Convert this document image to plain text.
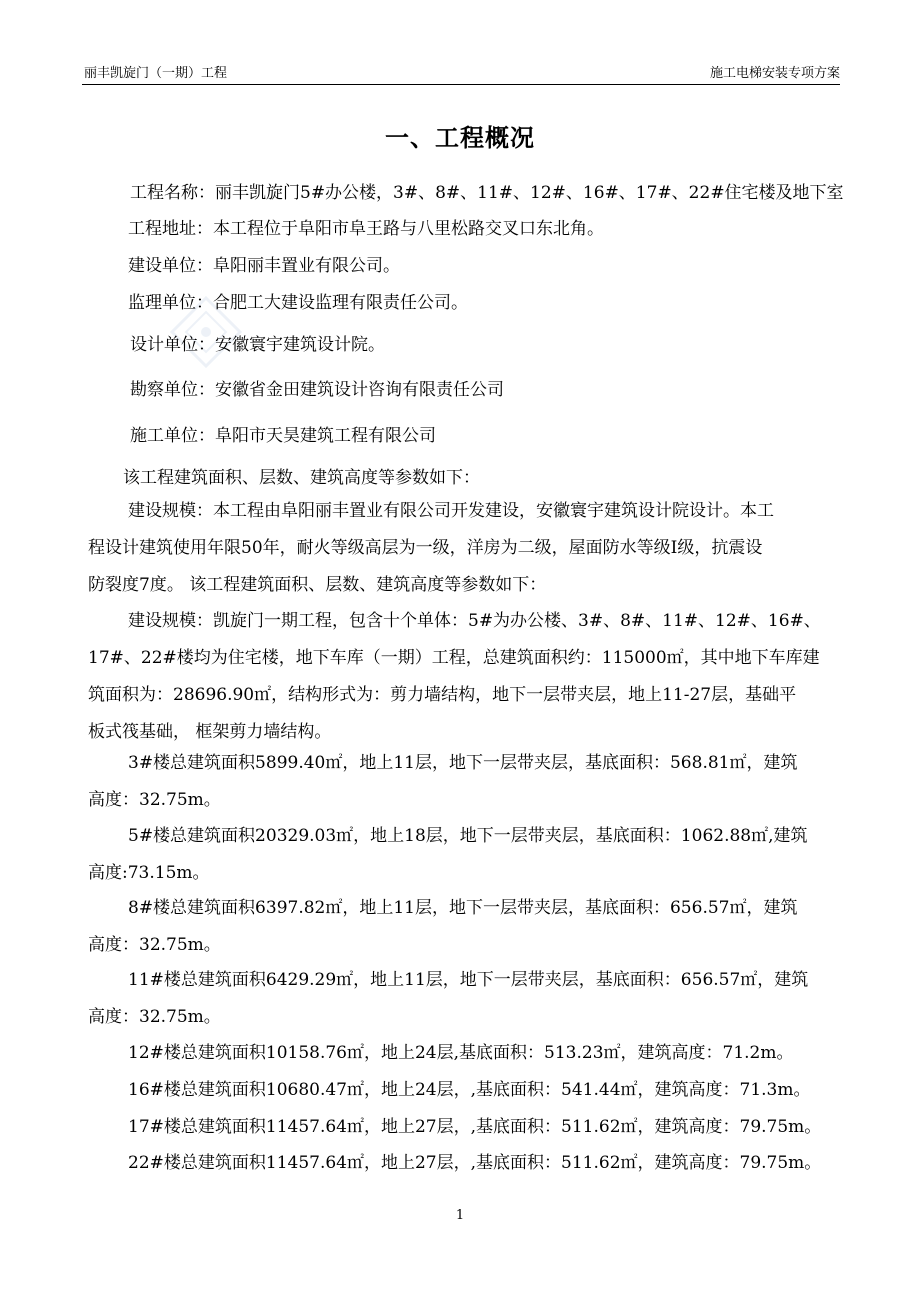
丽丰凯旋门（一期）工程	施工电梯安装专项方案
一、工程概况
工程名称：丽丰凯旋门5#办公楼，3#、8#、11#、12#、16#、17#、22#住宅楼及地下室
工程地址：本工程位于阜阳市阜王路与八里松路交叉口东北角。
建设单位：阜阳丽丰置业有限公司。
监理单位：合肥工大建设监理有限责任公司。
设计单位：安徽寰宇建筑设计院。
勘察单位：安徽省金田建筑设计咨询有限责任公司
施工单位：阜阳市天昊建筑工程有限公司
该工程建筑面积、层数、建筑高度等参数如下：
建设规模：本工程由阜阳丽丰置业有限公司开发建设，安徽寰宇建筑设计院设计。本工
程设计建筑使用年限50年，耐火等级高层为一级，洋房为二级，屋面防水等级Ⅰ级，抗震设
防裂度7度。 该工程建筑面积、层数、建筑高度等参数如下：
建设规模：凯旋门一期工程，包含十个单体：5#为办公楼、3#、8#、11#、12#、16#、
17#、22#楼均为住宅楼，地下车库（一期）工程，总建筑面积约：115000㎡，其中地下车库建
筑面积为：28696.90㎡，结构形式为：剪力墙结构，地下一层带夹层，地上11-27层，基础平
板式筏基础， 框架剪力墙结构。
3#楼总建筑面积5899.40㎡，地上11层，地下一层带夹层，基底面积：568.81㎡，建筑
高度：32.75m。
5#楼总建筑面积20329.03㎡，地上18层，地下一层带夹层，基底面积：1062.88㎡,建筑
高度:73.15m。
8#楼总建筑面积6397.82㎡，地上11层，地下一层带夹层，基底面积：656.57㎡，建筑
高度：32.75m。
11#楼总建筑面积6429.29㎡，地上11层，地下一层带夹层，基底面积：656.57㎡，建筑
高度：32.75m。
12#楼总建筑面积10158.76㎡，地上24层,基底面积：513.23㎡，建筑高度：71.2m。
16#楼总建筑面积10680.47㎡，地上24层，,基底面积：541.44㎡，建筑高度：71.3m。
17#楼总建筑面积11457.64㎡，地上27层，,基底面积：511.62㎡，建筑高度：79.75m。
22#楼总建筑面积11457.64㎡，地上27层，,基底面积：511.62㎡，建筑高度：79.75m。
1
